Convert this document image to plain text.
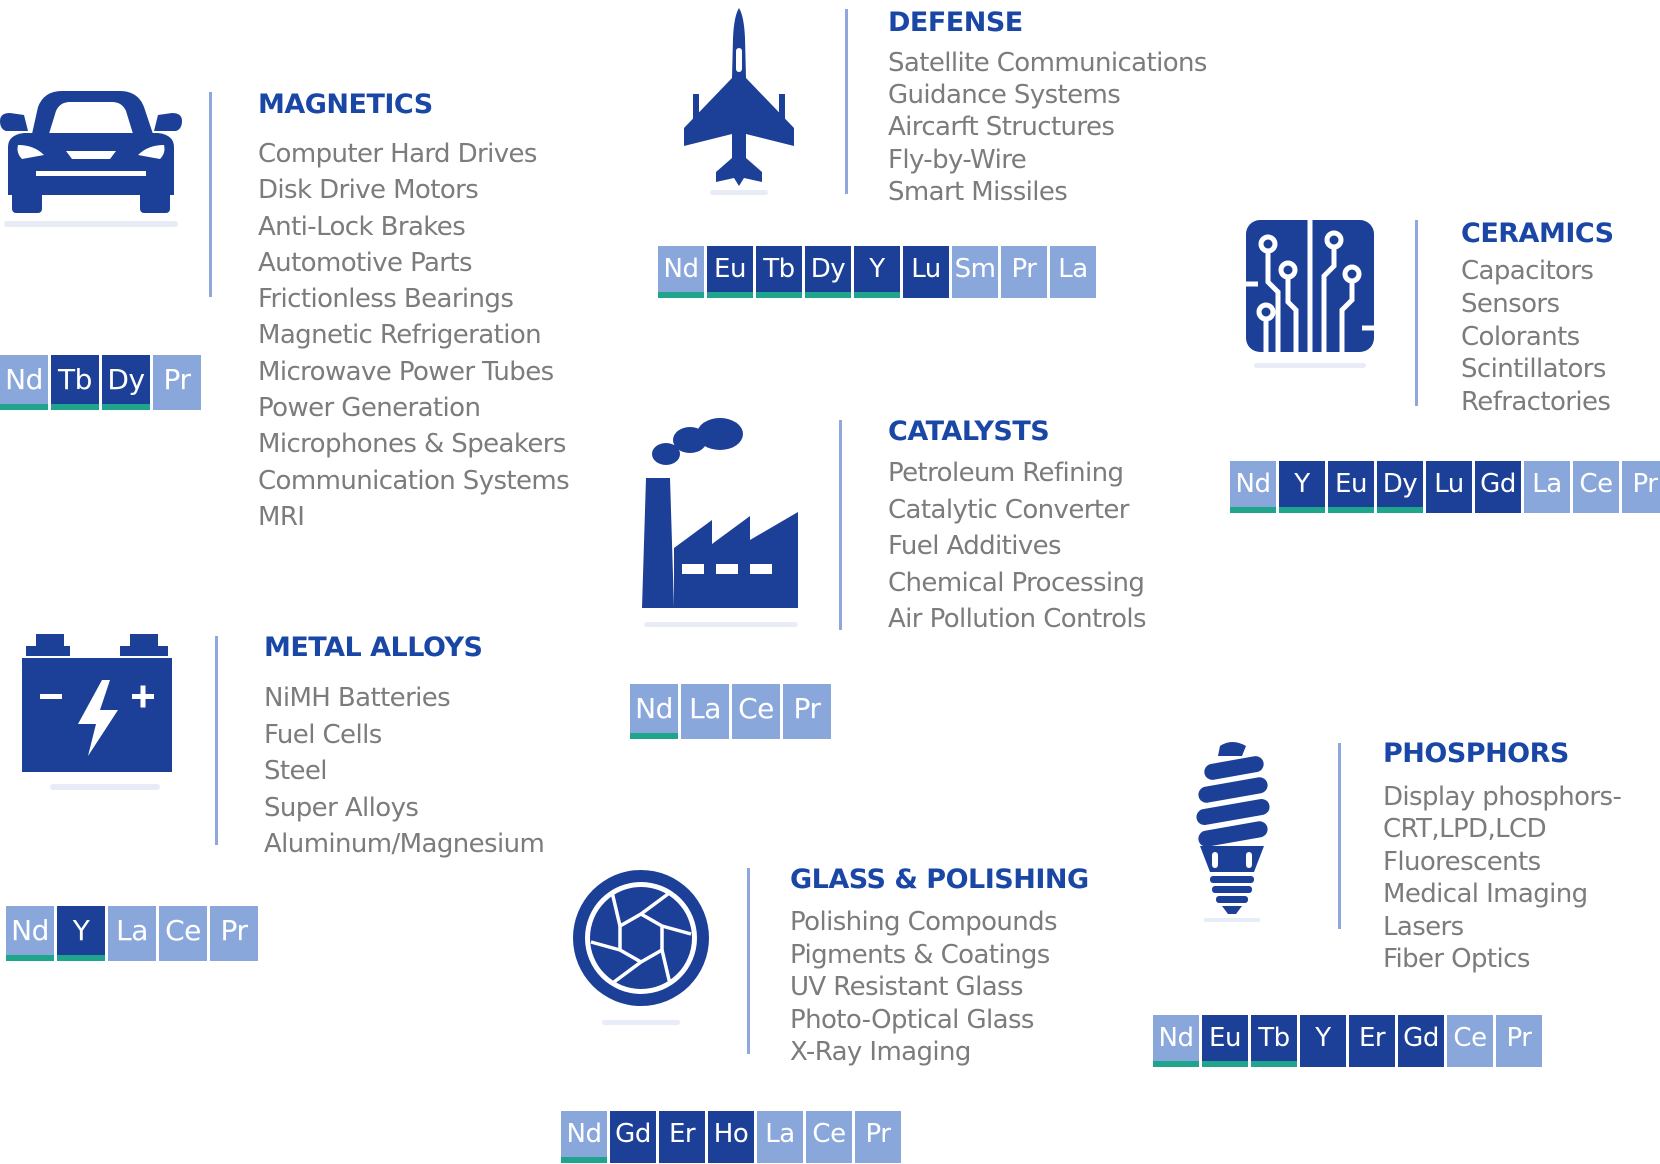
MAGNETICS
Computer Hard Drives
Disk Drive Motors
Anti-Lock Brakes
Automotive Parts
Frictionless Bearings
Magnetic Refrigeration
Microwave Power Tubes
Power Generation
Microphones & Speakers
Communication Systems
MRI
Nd Tb Dy Pr
DEFENSE
Satellite Communications
Guidance Systems
Aircarft Structures
Fly-by-Wire
Smart Missiles
Nd Eu Tb Dy Y	Lu Sm Pr La
CERAMICS
Capacitors
Sensors
Colorants
Scintillators
Refractories
Nd Y Eu Dy Lu Gd La Ce Pr
CATALYSTS
Petroleum Refining
Catalytic Converter
Fuel Additives
Chemical Processing
Air Pollution Controls
Nd La Ce Pr
METAL ALLOYS
NiMH Batteries
Fuel Cells
Steel
Super Alloys
Aluminum/Magnesium
Nd Y La Ce Pr
GLASS & POLISHING
Polishing Compounds
Pigments & Coatings
UV Resistant Glass
Photo-Optical Glass
X-Ray Imaging
Nd Gd Er Ho La Ce Pr
PHOSPHORS
Display phosphors-
CRT,LPD,LCD
Fluorescents
Medical Imaging
Lasers
Fiber Optics
Nd Eu Tb Y	Er Gd Ce Pr
